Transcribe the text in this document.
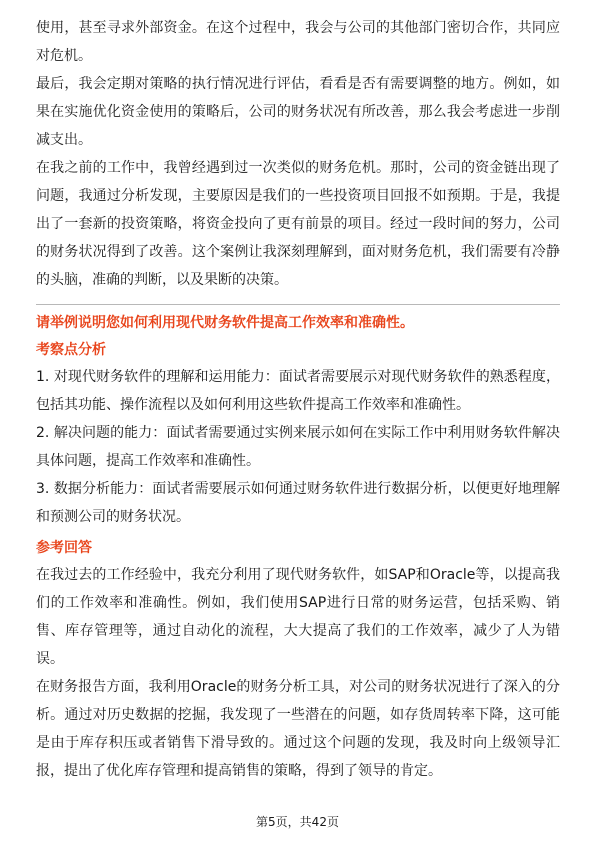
使用，甚至寻求外部资金。在这个过程中，我会与公司的其他部门密切合作，共同应对危机。

最后，我会定期对策略的执行情况进行评估，看看是否有需要调整的地方。例如，如果在实施优化资金使用的策略后，公司的财务状况有所改善，那么我会考虑进一步削减支出。

在我之前的工作中，我曾经遇到过一次类似的财务危机。那时，公司的资金链出现了问题，我通过分析发现，主要原因是我们的一些投资项目回报不如预期。于是，我提出了一套新的投资策略，将资金投向了更有前景的项目。经过一段时间的努力，公司的财务状况得到了改善。这个案例让我深刻理解到，面对财务危机，我们需要有冷静的头脑，准确的判断，以及果断的决策。

请举例说明您如何利用现代财务软件提高工作效率和准确性。

考察点分析

1. 对现代财务软件的理解和运用能力：面试者需要展示对现代财务软件的熟悉程度，包括其功能、操作流程以及如何利用这些软件提高工作效率和准确性。

2. 解决问题的能力：面试者需要通过实例来展示如何在实际工作中利用财务软件解决具体问题，提高工作效率和准确性。

3. 数据分析能力：面试者需要展示如何通过财务软件进行数据分析，以便更好地理解和预测公司的财务状况。

参考回答

在我过去的工作经验中，我充分利用了现代财务软件，如SAP和Oracle等，以提高我们的工作效率和准确性。例如，我们使用SAP进行日常的财务运营，包括采购、销售、库存管理等，通过自动化的流程，大大提高了我们的工作效率，减少了人为错误。

在财务报告方面，我利用Oracle的财务分析工具，对公司的财务状况进行了深入的分析。通过对历史数据的挖掘，我发现了一些潜在的问题，如存货周转率下降，这可能是由于库存积压或者销售下滑导致的。通过这个问题的发现，我及时向上级领导汇报，提出了优化库存管理和提高销售的策略，得到了领导的肯定。

第5页，共42页
